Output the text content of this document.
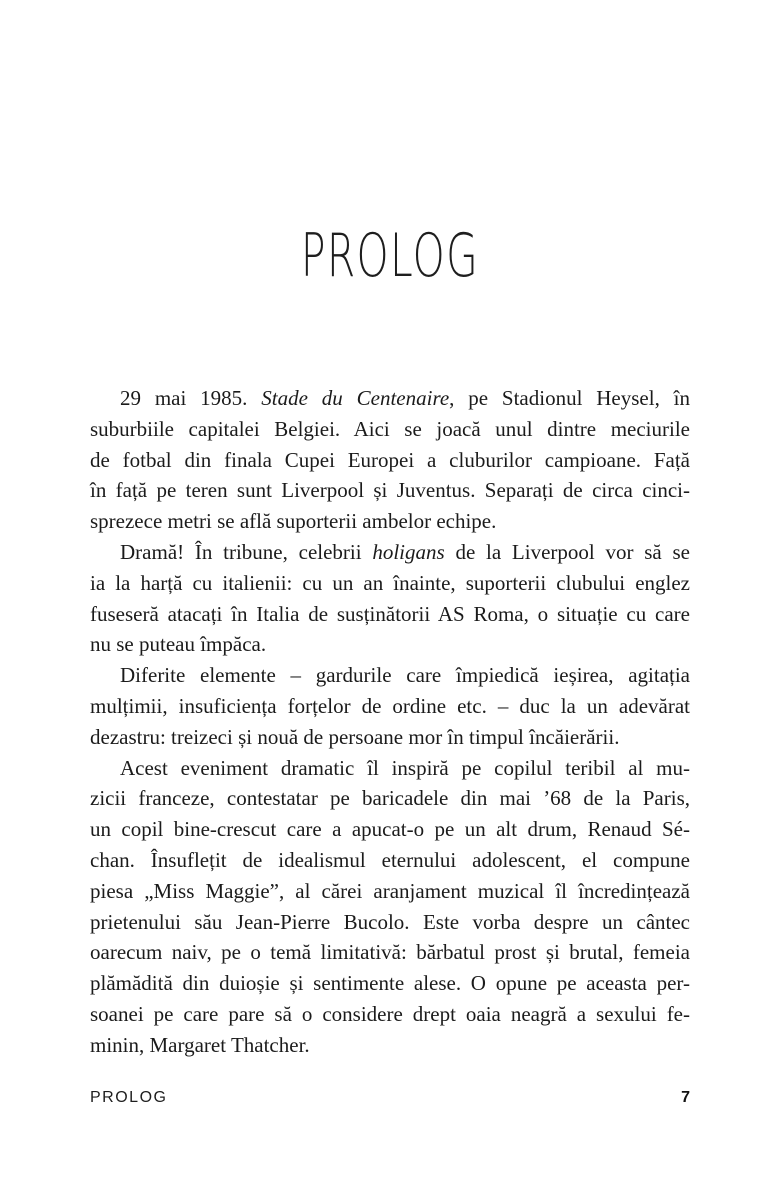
PROLOG
29 mai 1985. Stade du Centenaire, pe Stadionul Heysel, în
suburbiile capitalei Belgiei. Aici se joacă unul dintre meciurile
de fotbal din finala Cupei Europei a cluburilor campioane. Față
în față pe teren sunt Liverpool și Juventus. Separați de circa cinci-
sprezece metri se află suporterii ambelor echipe.
Dramă! În tribune, celebrii holigans de la Liverpool vor să se
ia la harță cu italienii: cu un an înainte, suporterii clubului englez
fuseseră atacați în Italia de susținătorii AS Roma, o situație cu care
nu se puteau împăca.
Diferite elemente – gardurile care împiedică ieșirea, agitația
mulțimii, insuficiența forțelor de ordine etc. – duc la un adevărat
dezastru: treizeci și nouă de persoane mor în timpul încăierării.
Acest eveniment dramatic îl inspiră pe copilul teribil al mu-
zicii franceze, contestatar pe baricadele din mai ’68 de la Paris,
un copil bine-crescut care a apucat-o pe un alt drum, Renaud Sé-
chan. Însuflețit de idealismul eternului adolescent, el compune
piesa „Miss Maggie”, al cărei aranjament muzical îl încredințează
prietenului său Jean-Pierre Bucolo. Este vorba despre un cântec
oarecum naiv, pe o temă limitativă: bărbatul prost și brutal, femeia
plămădită din duioșie și sentimente alese. O opune pe aceasta per-
soanei pe care pare să o considere drept oaia neagră a sexului fe-
minin, Margaret Thatcher.
PROLOG	7
